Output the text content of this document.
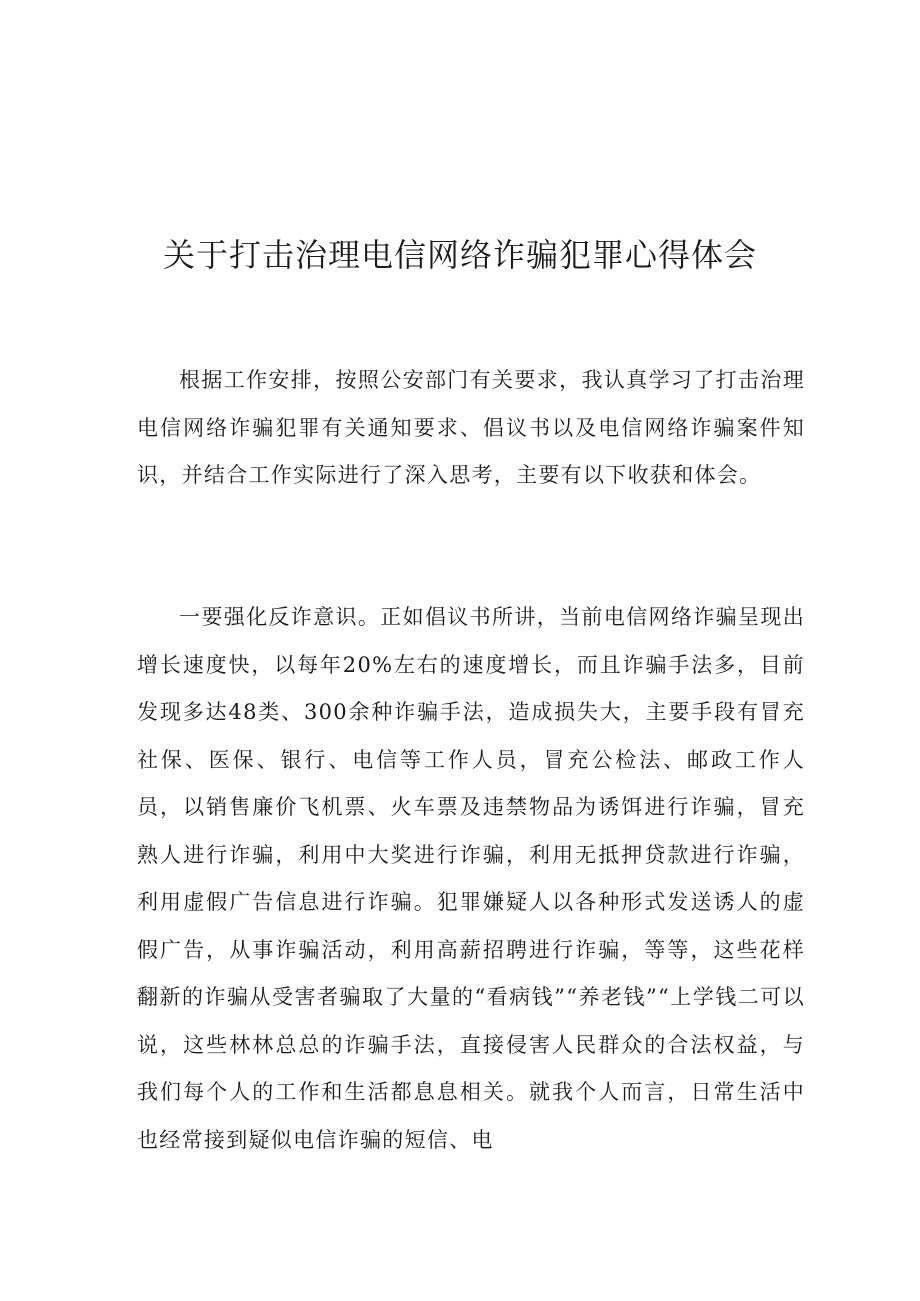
关于打击治理电信网络诈骗犯罪心得体会

根据工作安排，按照公安部门有关要求，我认真学习了打击治理电信网络诈骗犯罪有关通知要求、倡议书以及电信网络诈骗案件知识，并结合工作实际进行了深入思考，主要有以下收获和体会。

一要强化反诈意识。正如倡议书所讲，当前电信网络诈骗呈现出增长速度快，以每年20%左右的速度增长，而且诈骗手法多，目前发现多达48类、300余种诈骗手法，造成损失大，主要手段有冒充社保、医保、银行、电信等工作人员，冒充公检法、邮政工作人员，以销售廉价飞机票、火车票及违禁物品为诱饵进行诈骗，冒充熟人进行诈骗，利用中大奖进行诈骗，利用无抵押贷款进行诈骗，利用虚假广告信息进行诈骗。犯罪嫌疑人以各种形式发送诱人的虚假广告，从事诈骗活动，利用高薪招聘进行诈骗，等等，这些花样翻新的诈骗从受害者骗取了大量的“看病钱”“养老钱”“上学钱二可以说，这些林林总总的诈骗手法，直接侵害人民群众的合法权益，与我们每个人的工作和生活都息息相关。就我个人而言，日常生活中也经常接到疑似电信诈骗的短信、电
